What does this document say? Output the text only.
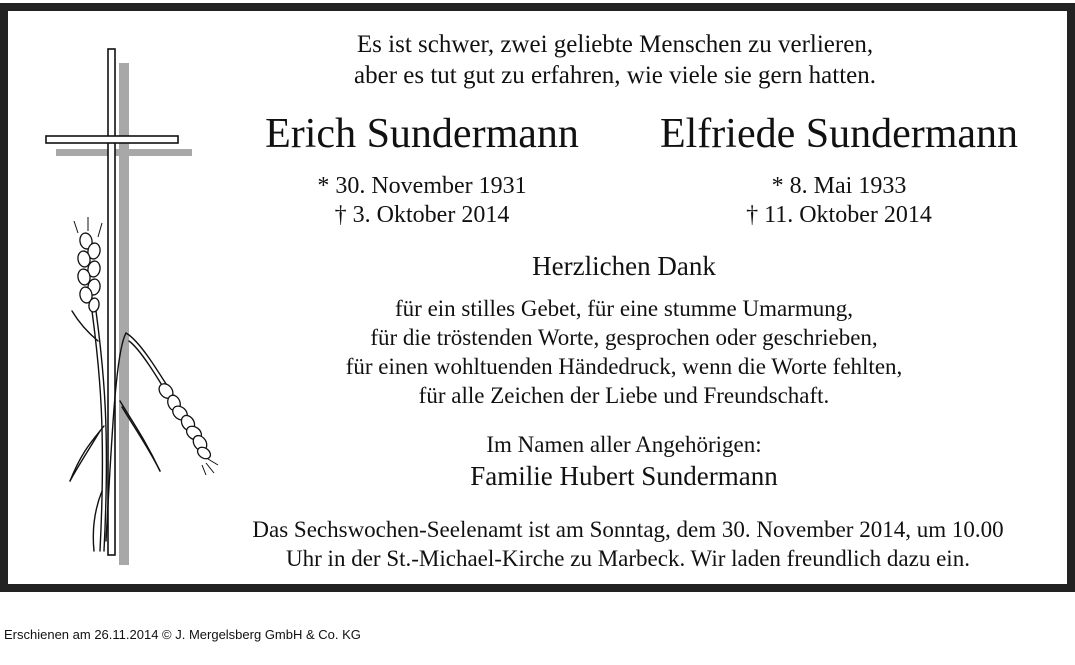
Es ist schwer, zwei geliebte Menschen zu verlieren,
aber es tut gut zu erfahren, wie viele sie gern hatten.
Erich Sundermann Elfriede Sundermann
* 30. November 1931
† 3. Oktober 2014
* 8. Mai 1933
† 11. Oktober 2014
Herzlichen Dank
für ein stilles Gebet, für eine stumme Umarmung,
für die tröstenden Worte, gesprochen oder geschrieben,
für einen wohltuenden Händedruck, wenn die Worte fehlten,
für alle Zeichen der Liebe und Freundschaft.
Im Namen aller Angehörigen:
Familie Hubert Sundermann
Das Sechswochen-Seelenamt ist am Sonntag, dem 30. November 2014, um 10.00
Uhr in der St.-Michael-Kirche zu Marbeck. Wir laden freundlich dazu ein.
Erschienen am 26.11.2014 © J. Mergelsberg GmbH & Co. KG
